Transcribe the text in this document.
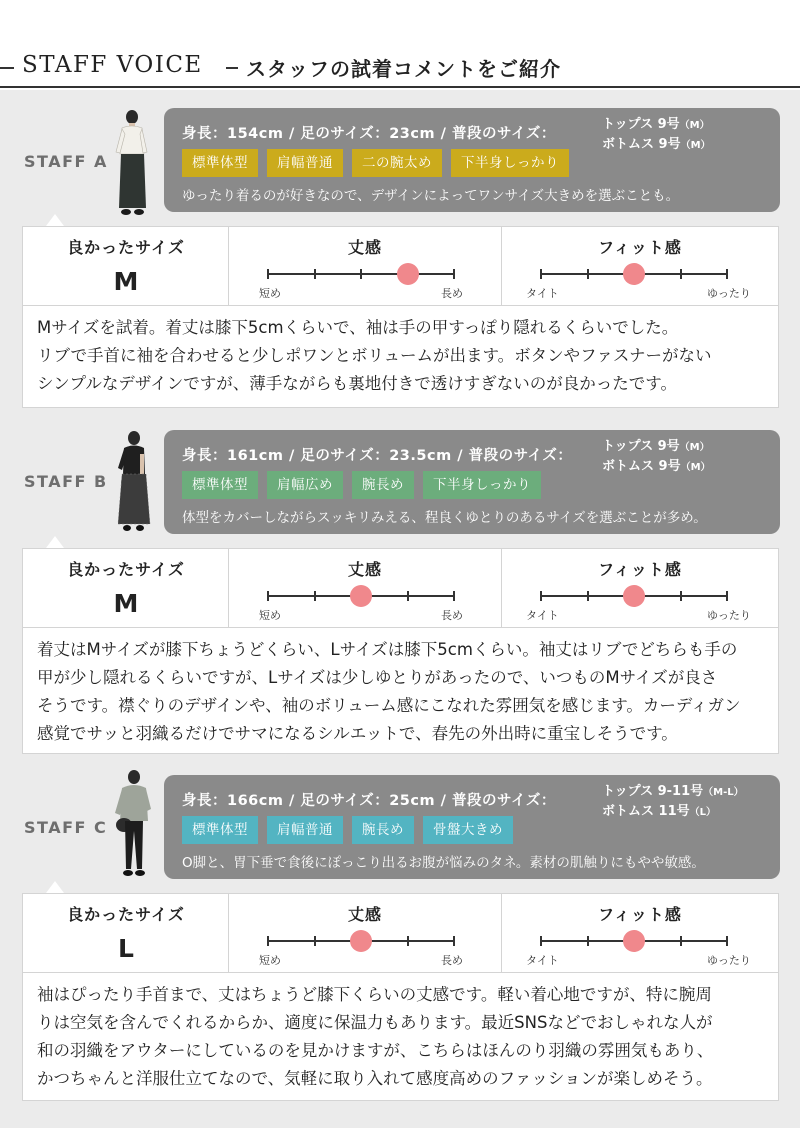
STAFF VOICE スタッフの試着コメントをご紹介
STAFF A
身長：154cm / 足のサイズ：23cm / 普段のサイズ：
トップス 9号（M）
ボトムス 9号（M）
標準体型	肩幅普通	二の腕太め	下半身しっかり
ゆったり着るのが好きなので、デザインによってワンサイズ大きめを選ぶことも。
良かったサイズ
M
丈感
短め	長め
フィット感
タイト	ゆったり
Mサイズを試着。着丈は膝下5cmくらいで、袖は手の甲すっぽり隠れるくらいでした。
リブで手首に袖を合わせると少しポワンとボリュームが出ます。ボタンやファスナーがない
シンプルなデザインですが、薄手ながらも裏地付きで透けすぎないのが良かったです。
STAFF B
身長：161cm / 足のサイズ：23.5cm / 普段のサイズ：
トップス 9号（M）
ボトムス 9号（M）
標準体型	肩幅広め	腕長め	下半身しっかり
体型をカバーしながらスッキリみえる、程良くゆとりのあるサイズを選ぶことが多め。
良かったサイズ
M
丈感
短め	長め
フィット感
タイト	ゆったり
着丈はMサイズが膝下ちょうどくらい、Lサイズは膝下5cmくらい。袖丈はリブでどちらも手の
甲が少し隠れるくらいですが、Lサイズは少しゆとりがあったので、いつものMサイズが良さ
そうです。襟ぐりのデザインや、袖のボリューム感にこなれた雰囲気を感じます。カーディガン
感覚でサッと羽織るだけでサマになるシルエットで、春先の外出時に重宝しそうです。
STAFF C
身長：166cm / 足のサイズ：25cm / 普段のサイズ：
トップス 9-11号（M-L）
ボトムス 11号（L）
標準体型	肩幅普通	腕長め	骨盤大きめ
O脚と、胃下垂で食後にぽっこり出るお腹が悩みのタネ。素材の肌触りにもやや敏感。
良かったサイズ
L
丈感
短め	長め
フィット感
タイト	ゆったり
袖はぴったり手首まで、丈はちょうど膝下くらいの丈感です。軽い着心地ですが、特に腕周
りは空気を含んでくれるからか、適度に保温力もあります。最近SNSなどでおしゃれな人が
和の羽織をアウターにしているのを見かけますが、こちらはほんのり羽織の雰囲気もあり、
かつちゃんと洋服仕立てなので、気軽に取り入れて感度高めのファッションが楽しめそう。
